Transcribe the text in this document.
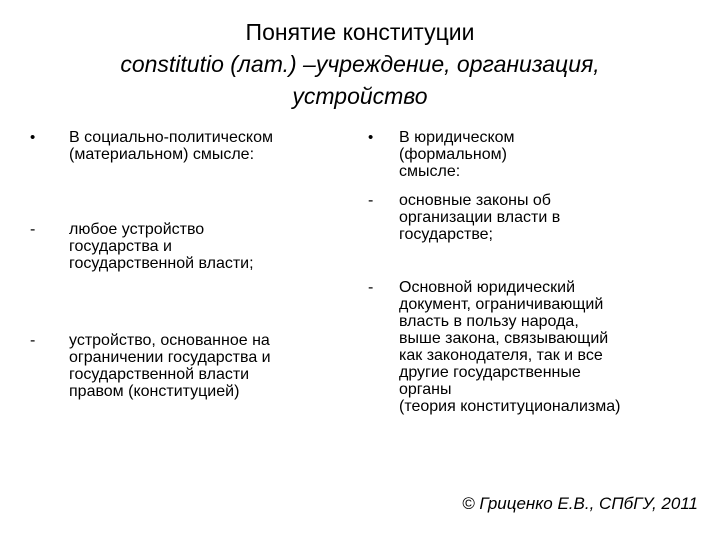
Понятие конституции
constitutio (лат.) –учреждение, организация,
устройство
•	В социально-политическом
(материальном) смысле:
-	любое устройство
государства и
государственной власти;
-	устройство, основанное на
ограничении государства и
государственной власти
правом (конституцией)
•	В юридическом
(формальном)
смысле:
-	основные законы об
организации власти в
государстве;
-	Основной юридический
документ, ограничивающий
власть в пользу народа,
выше закона, связывающий
как законодателя, так и все
другие государственные
органы
(теория конституционализма)
© Гриценко Е.В., СПбГУ, 2011
